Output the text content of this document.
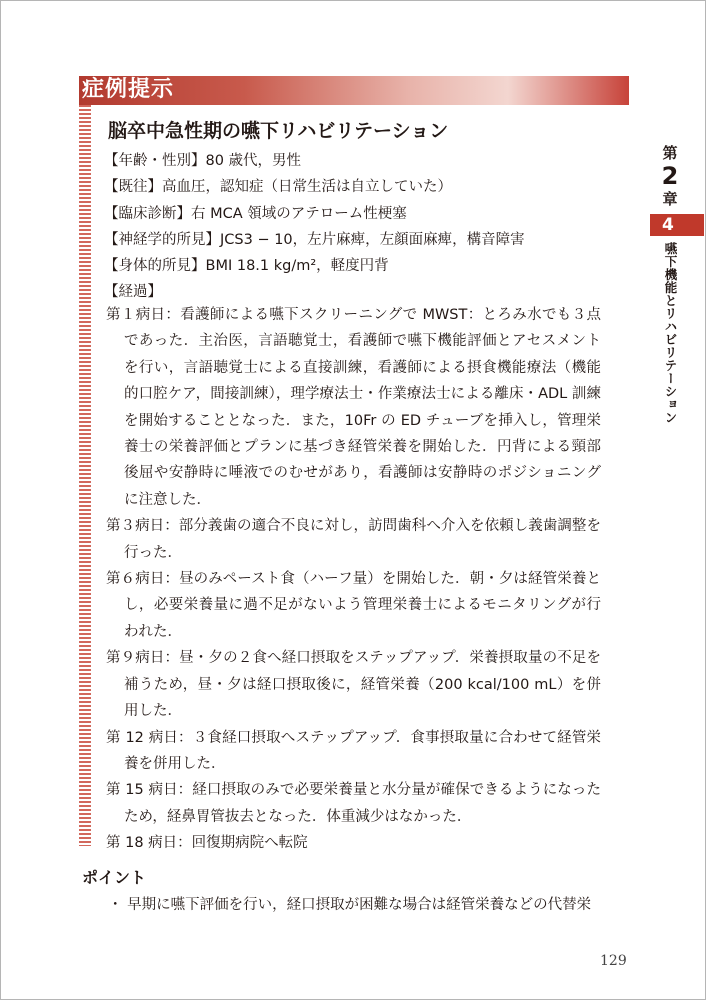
症例提示
脳卒中急性期の嚥下リハビリテーション
【年齢・性別】80 歳代，男性
【既往】高血圧，認知症（日常生活は自立していた）
【臨床診断】右 MCA 領域のアテローム性梗塞
【神経学的所見】JCS3 − 10，左片麻痺，左顔面麻痺，構音障害
【身体的所見】BMI 18.1 kg/m²，軽度円背
【経過】
第１病日：看護師による嚥下スクリーニングで MWST：とろみ水でも３点であった．主治医，言語聴覚士，看護師で嚥下機能評価とアセスメントを行い，言語聴覚士による直接訓練，看護師による摂食機能療法（機能的口腔ケア，間接訓練），理学療法士・作業療法士による離床・ADL 訓練を開始することとなった．また，10Fr の ED チューブを挿入し，管理栄養士の栄養評価とプランに基づき経管栄養を開始した．円背による頸部後屈や安静時に唾液でのむせがあり，看護師は安静時のポジショニングに注意した．
第３病日：部分義歯の適合不良に対し，訪問歯科へ介入を依頼し義歯調整を行った．
第６病日：昼のみペースト食（ハーフ量）を開始した．朝・夕は経管栄養とし，必要栄養量に過不足がないよう管理栄養士によるモニタリングが行われた．
第９病日：昼・夕の２食へ経口摂取をステップアップ．栄養摂取量の不足を補うため，昼・夕は経口摂取後に，経管栄養（200 kcal/100 mL）を併用した．
第 12 病日：３食経口摂取へステップアップ．食事摂取量に合わせて経管栄養を併用した．
第 15 病日：経口摂取のみで必要栄養量と水分量が確保できるようになったため，経鼻胃管抜去となった．体重減少はなかった．
第 18 病日：回復期病院へ転院
ポイント
・ 早期に嚥下評価を行い，経口摂取が困難な場合は経管栄養などの代替栄
第
2
章
4
嚥下機能とリハビリテーション
129
